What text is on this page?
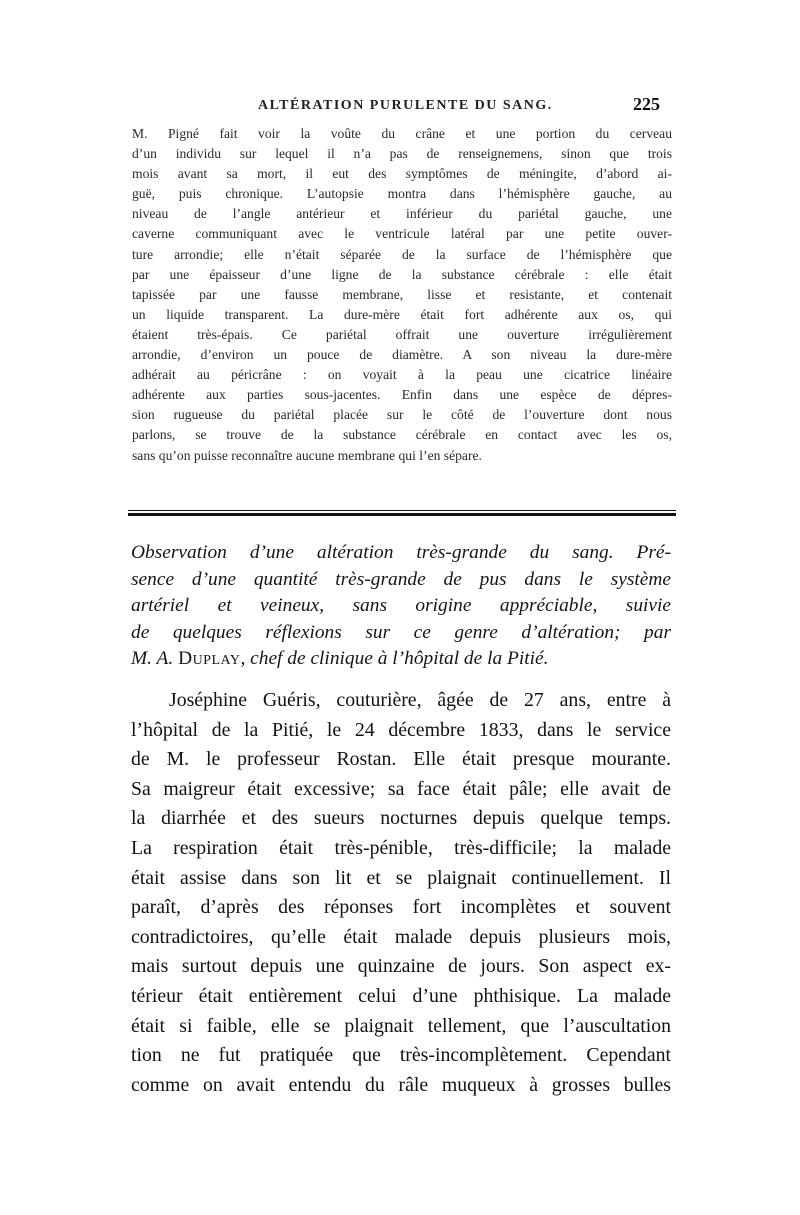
ALTÉRATION PURULENTE DU SANG.	225
M. Pigné fait voir la voûte du crâne et une portion du cerveau
d’un individu sur lequel il n’a pas de renseignemens, sinon que trois
mois avant sa mort, il eut des symptômes de méningite, d’abord ai-
guë, puis chronique. L’autopsie montra dans l’hémisphère gauche, au
niveau de l’angle antérieur et inférieur du pariétal gauche, une
caverne communiquant avec le ventricule latéral par une petite ouver-
ture arrondie; elle n’était séparée de la surface de l’hémisphère que
par une épaisseur d’une ligne de la substance cérébrale : elle était
tapissée par une fausse membrane, lisse et resistante, et contenait
un liquide transparent. La dure-mère était fort adhérente aux os, qui
étaient très-épais. Ce pariétal offrait une ouverture irrégulièrement
arrondie, d’environ un pouce de diamètre. A son niveau la dure-mère
adhérait au péricrâne : on voyait à la peau une cicatrice linéaire
adhérente aux parties sous-jacentes. Enfin dans une espèce de dépres-
sion rugueuse du pariétal placée sur le côté de l’ouverture dont nous
parlons, se trouve de la substance cérébrale en contact avec les os,
sans qu’on puisse reconnaître aucune membrane qui l’en sépare.
Observation d’une altération très-grande du sang. Pré-
sence d’une quantité très-grande de pus dans le système
artériel et veineux, sans origine appréciable, suivie
de quelques réflexions sur ce genre d’altération; par
M. A. Duplay, chef de clinique à l’hôpital de la Pitié.
Joséphine Guéris, couturière, âgée de 27 ans, entre à
l’hôpital de la Pitié, le 24 décembre 1833, dans le service
de M. le professeur Rostan. Elle était presque mourante.
Sa maigreur était excessive; sa face était pâle; elle avait de
la diarrhée et des sueurs nocturnes depuis quelque temps.
La respiration était très-pénible, très-difficile; la malade
était assise dans son lit et se plaignait continuellement. Il
paraît, d’après des réponses fort incomplètes et souvent
contradictoires, qu’elle était malade depuis plusieurs mois,
mais surtout depuis une quinzaine de jours. Son aspect ex-
térieur était entièrement celui d’une phthisique. La malade
était si faible, elle se plaignait tellement, que l’auscultation
tion ne fut pratiquée que très-incomplètement. Cependant
comme on avait entendu du râle muqueux à grosses bulles
